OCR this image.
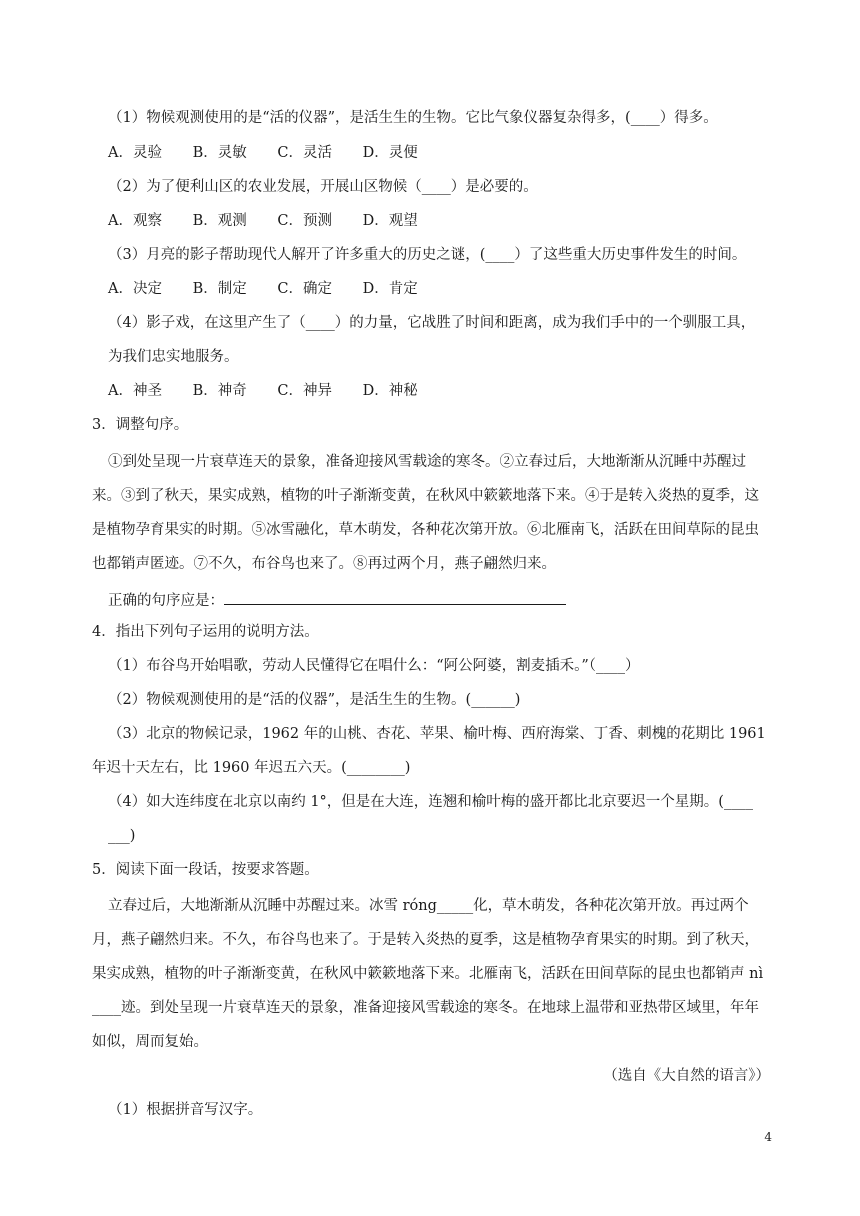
（1）物候观测使用的是“活的仪器”，是活生生的生物。它比气象仪器复杂得多，(____）得多。
A．灵验 B．灵敏 C．灵活 D．灵便
（2）为了便利山区的农业发展，开展山区物候（____）是必要的。
A．观察 B．观测 C．预测 D．观望
（3）月亮的影子帮助现代人解开了许多重大的历史之谜，(____）了这些重大历史事件发生的时间。
A．决定 B．制定 C．确定 D．肯定
（4）影子戏，在这里产生了（____）的力量，它战胜了时间和距离，成为我们手中的一个驯服工具，
为我们忠实地服务。
A．神圣 B．神奇 C．神异 D．神秘
3．调整句序。
①到处呈现一片衰草连天的景象，准备迎接风雪载途的寒冬。②立春过后，大地渐渐从沉睡中苏醒过
来。③到了秋天，果实成熟，植物的叶子渐渐变黄，在秋风中簌簌地落下来。④于是转入炎热的夏季，这
是植物孕育果实的时期。⑤冰雪融化，草木萌发，各种花次第开放。⑥北雁南飞，活跃在田间草际的昆虫
也都销声匿迹。⑦不久，布谷鸟也来了。⑧再过两个月，燕子翩然归来。
正确的句序应是：
4．指出下列句子运用的说明方法。
（1）布谷鸟开始唱歌，劳动人民懂得它在唱什么：“阿公阿婆，割麦插禾。”（____）
（2）物候观测使用的是“活的仪器”，是活生生的生物。(______)
（3）北京的物候记录，1962 年的山桃、杏花、苹果、榆叶梅、西府海棠、丁香、刺槐的花期比 1961
年迟十天左右，比 1960 年迟五六天。(________)
（4）如大连纬度在北京以南约 1°，但是在大连，连翘和榆叶梅的盛开都比北京要迟一个星期。(____
___)
5．阅读下面一段话，按要求答题。
立春过后，大地渐渐从沉睡中苏醒过来。冰雪 róng_____化，草木萌发，各种花次第开放。再过两个
月，燕子翩然归来。不久，布谷鸟也来了。于是转入炎热的夏季，这是植物孕育果实的时期。到了秋天，
果实成熟，植物的叶子渐渐变黄，在秋风中簌簌地落下来。北雁南飞，活跃在田间草际的昆虫也都销声 nì
____迹。到处呈现一片衰草连天的景象，准备迎接风雪载途的寒冬。在地球上温带和亚热带区域里，年年
如似，周而复始。
（选自《大自然的语言》）
（1）根据拼音写汉字。
4
